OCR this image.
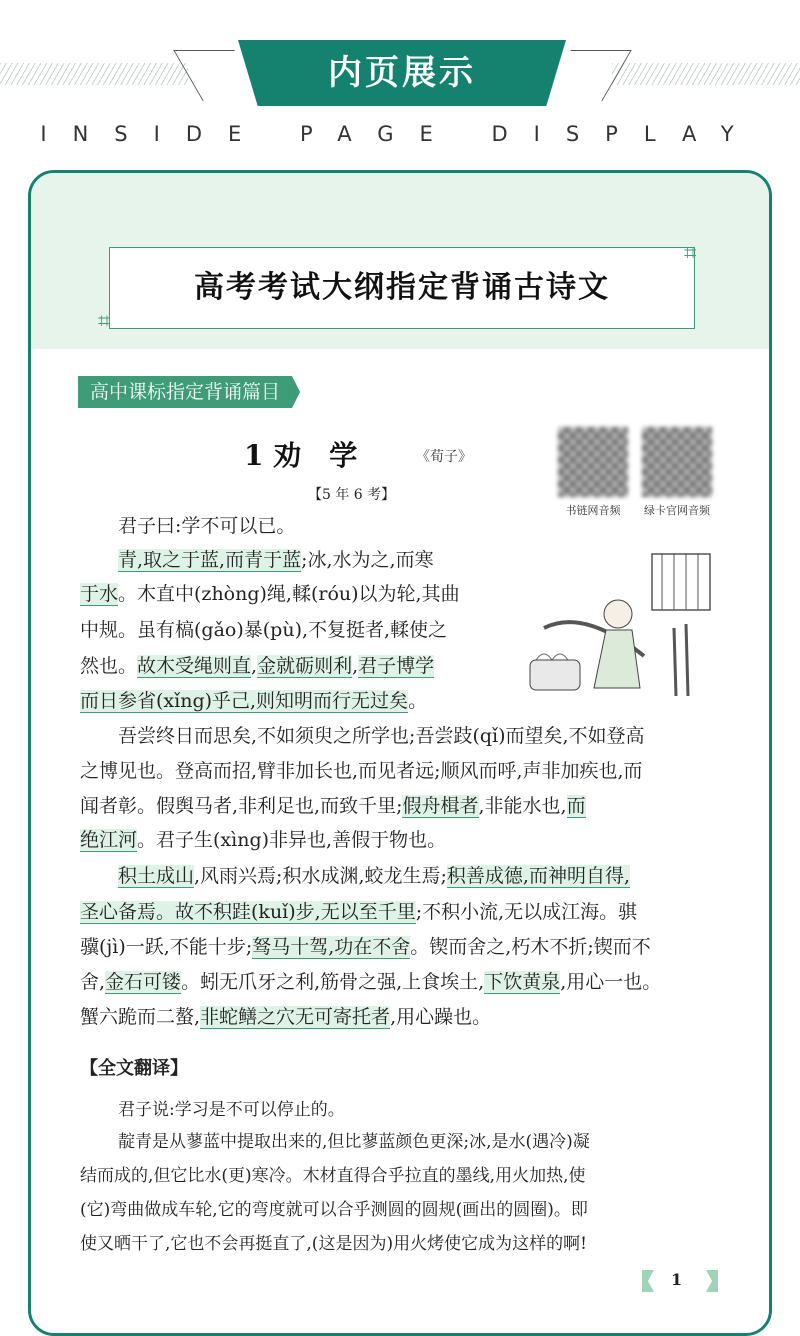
内页展示
INSIDE PAGE DISPLAY
高考考试大纲指定背诵古诗文
⌗
⌗
高中课标指定背诵篇目
1 劝　学	《荀子》
【5 年 6 考】
书链网音频	绿卡官网音频
君子曰:学不可以已。
青,取之于蓝,而青于蓝;冰,水为之,而寒
于水。木直中(zhòng)绳,輮(róu)以为轮,其曲
中规。虽有槁(gǎo)暴(pù),不复挺者,輮使之
然也。故木受绳则直,金就砺则利,君子博学
而日参省(xǐng)乎己,则知明而行无过矣。
吾尝终日而思矣,不如须臾之所学也;吾尝跂(qǐ)而望矣,不如登高
之博见也。登高而招,臂非加长也,而见者远;顺风而呼,声非加疾也,而
闻者彰。假舆马者,非利足也,而致千里;假舟楫者,非能水也,而
绝江河。君子生(xìng)非异也,善假于物也。
积土成山,风雨兴焉;积水成渊,蛟龙生焉;积善成德,而神明自得,
圣心备焉。故不积跬(kuǐ)步,无以至千里;不积小流,无以成江海。骐
骥(jì)一跃,不能十步;驽马十驾,功在不舍。锲而舍之,朽木不折;锲而不
舍,金石可镂。蚓无爪牙之利,筋骨之强,上食埃土,下饮黄泉,用心一也。
蟹六跪而二螯,非蛇鳝之穴无可寄托者,用心躁也。
【全文翻译】
君子说:学习是不可以停止的。
靛青是从蓼蓝中提取出来的,但比蓼蓝颜色更深;冰,是水(遇冷)凝
结而成的,但它比水(更)寒冷。木材直得合乎拉直的墨线,用火加热,使
(它)弯曲做成车轮,它的弯度就可以合乎测圆的圆规(画出的圆圈)。即
使又晒干了,它也不会再挺直了,(这是因为)用火烤使它成为这样的啊!
1
